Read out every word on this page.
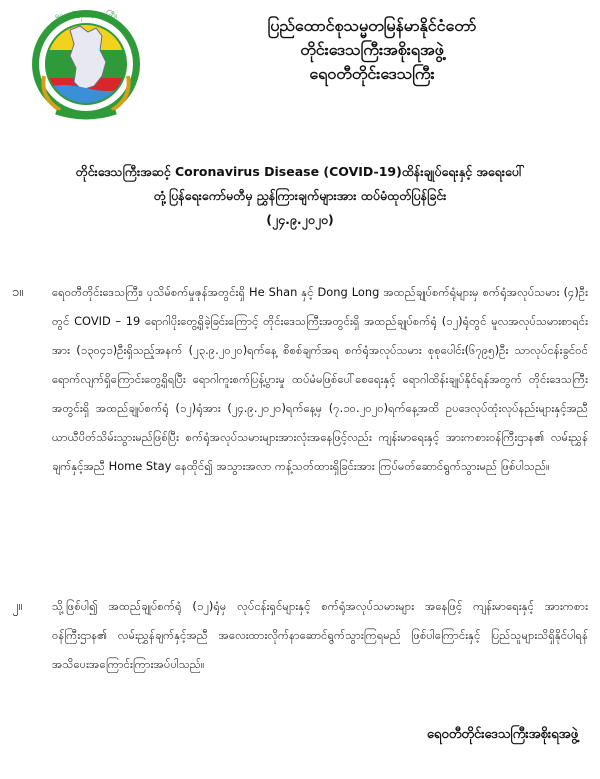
ရေဝတီတိုင်းဒေသကြီး
ပြည်ထောင်စုသမ္မတမြန်မာနိုင်ငံတော်
တိုင်းဒေသကြီးအစိုးရအဖွဲ့
ရေဝတီတိုင်းဒေသကြီး
တိုင်းဒေသကြီးအဆင့် Coronavirus Disease (COVID-19)ထိန်းချုပ်ရေးနှင့် အရေးပေါ်
တုံ့ပြန်ရေးကော်မတီမှ ညွှန်ကြားချက်များအား ထပ်မံထုတ်ပြန်ခြင်း
(၂၄.၉.၂၀၂၀)
၁။	ရေဝတီတိုင်းဒေသကြီး၊ ပုသိမ်စက်မှုဇုန်အတွင်းရှိ He Shan နှင့် Dong Long အထည်ချုပ်စက်ရုံများမှ စက်ရုံအလုပ်သမား (၄)ဦးတွင် COVID – 19 ရောဂါပိုးတွေ့ရှိခဲ့ခြင်းကြောင့် တိုင်းဒေသကြီးအတွင်းရှိ အထည်ချုပ်စက်ရုံ (၁၂)ရုံတွင် မူလအလုပ်သမားစာရင်းအား (၁၃၀၄၁)ဦးရှိသည့်အနက် (၂၃.၉.၂၀၂၀)ရက်နေ့ စိစစ်ချက်အရ စက်ရုံအလုပ်သမား စုစုပေါင်း(၆၇၉၅)ဦး သာလုပ်ငန်းခွင်ဝင်ရောက်လျက်ရှိကြောင်းတွေ့ရှိရပြီး ရောဂါကူးစက်ပြန့်ပွားမှု ထပ်မံမဖြစ်ပေါ်စေရေးနှင့် ရောဂါထိန်းချုပ်နိုင်ရန်အတွက် တိုင်းဒေသကြီးအတွင်းရှိ အထည်ချုပ်စက်ရုံ (၁၂)ရုံအား (၂၄.၉.၂၀၂၀)ရက်နေ့မှ (၇.၁၀.၂၀၂၀)ရက်နေ့အထိ ဥပဒေလုပ်ထုံးလုပ်နည်းများနှင့်အညီ ယာယီပိတ်သိမ်းသွားမည်ဖြစ်ပြီး စက်ရုံအလုပ်သမားများအားလုံးအနေဖြင့်လည်း ကျန်းမာရေးနှင့် အားကစားဝန်ကြီးဌာန၏ လမ်းညွှန်ချက်နှင့်အညီ Home Stay နေထိုင်၍ အသွားအလာ ကန့်သတ်ထားရှိခြင်းအား ကြပ်မတ်ဆောင်ရွက်သွားမည် ဖြစ်ပါသည်။
၂။	သို့ဖြစ်ပါ၍ အထည်ချုပ်စက်ရုံ (၁၂)ရုံမှ လုပ်ငန်းရှင်များနှင့် စက်ရုံအလုပ်သမားများ အနေဖြင့် ကျန်းမာရေးနှင့် အားကစားဝန်ကြီးဌာန၏ လမ်းညွှန်ချက်နှင့်အညီ အလေးထားလိုက်နာဆောင်ရွက်သွားကြရမည် ဖြစ်ပါကြောင်းနှင့် ပြည်သူများသိရှိနိုင်ပါရန် အသိပေးအကြောင်းကြားအပ်ပါသည်။
ရေဝတီတိုင်းဒေသကြီးအစိုးရအဖွဲ့
